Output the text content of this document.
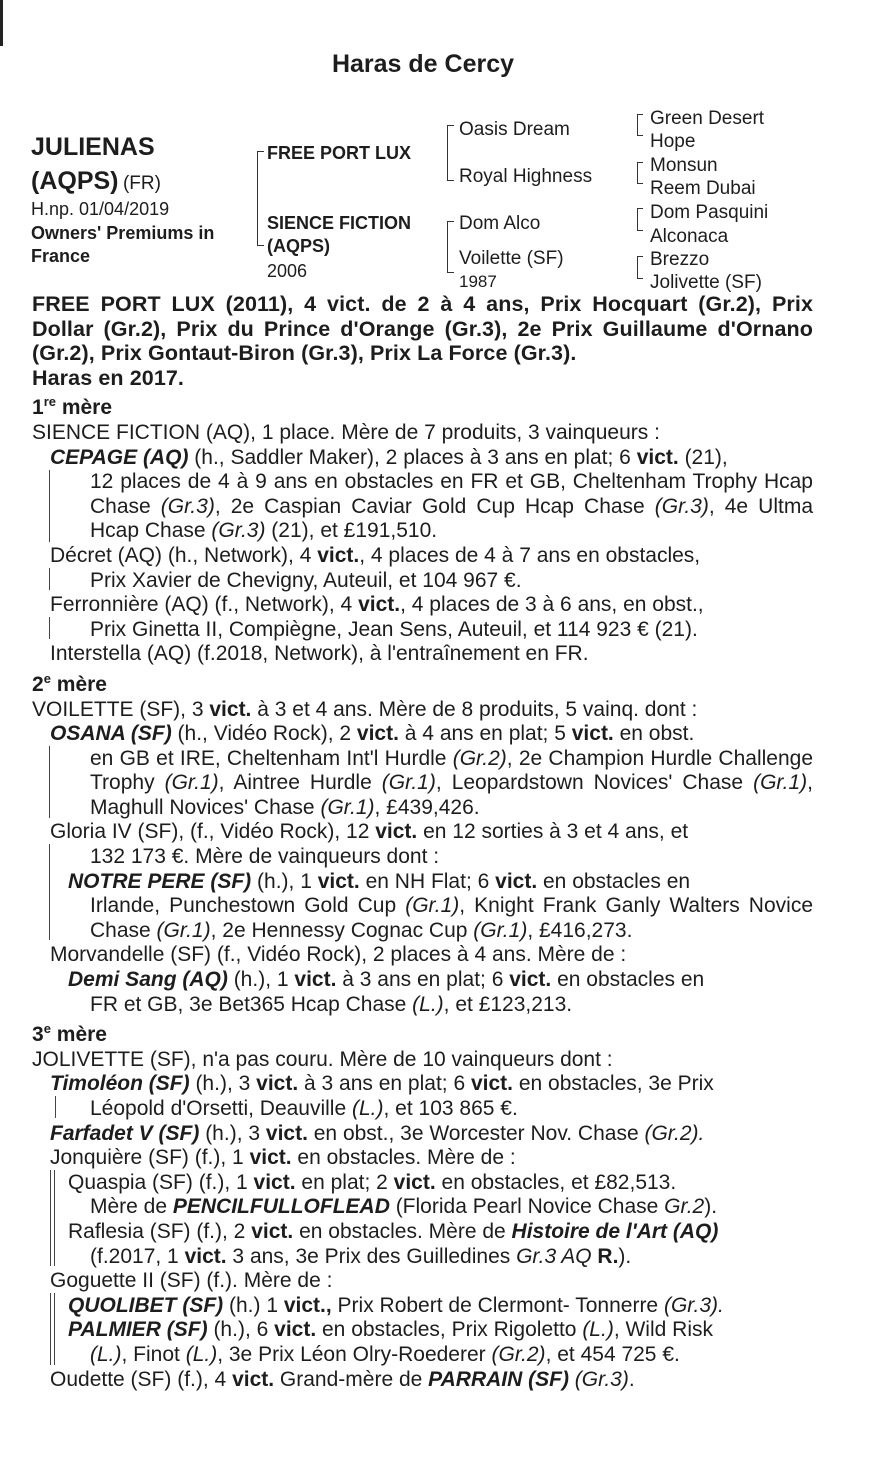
Haras de Cercy
JULIENAS
(AQPS) (FR)
H.np. 01/04/2019
Owners' Premiums in
France
FREE PORT LUX
SIENCE FICTION
(AQPS)
2006
Oasis Dream
Royal Highness
Dom Alco
Voilette (SF)
1987
Green Desert
Hope
Monsun
Reem Dubai
Dom Pasquini
Alconaca
Brezzo
Jolivette (SF)
FREE PORT LUX (2011), 4 vict. de 2 à 4 ans, Prix Hocquart (Gr.2), Prix Dollar (Gr.2), Prix du Prince d'Orange (Gr.3), 2e Prix Guillaume d'Ornano (Gr.2), Prix Gontaut-Biron (Gr.3), Prix La Force (Gr.3).
Haras en 2017.
1re mère
SIENCE FICTION (AQ), 1 place. Mère de 7 produits, 3 vainqueurs :
CEPAGE (AQ) (h., Saddler Maker), 2 places à 3 ans en plat; 6 vict. (21),
12 places de 4 à 9 ans en obstacles en FR et GB, Cheltenham Trophy Hcap Chase (Gr.3), 2e Caspian Caviar Gold Cup Hcap Chase (Gr.3), 4e Ultma Hcap Chase (Gr.3) (21), et £191,510.
Décret (AQ) (h., Network), 4 vict., 4 places de 4 à 7 ans en obstacles,
Prix Xavier de Chevigny, Auteuil, et 104 967 €.
Ferronnière (AQ) (f., Network), 4 vict., 4 places de 3 à 6 ans, en obst.,
Prix Ginetta II, Compiègne, Jean Sens, Auteuil, et 114 923 € (21).
Interstella (AQ) (f.2018, Network), à l'entraînement en FR.
2e mère
VOILETTE (SF), 3 vict. à 3 et 4 ans. Mère de 8 produits, 5 vainq. dont :
OSANA (SF) (h., Vidéo Rock), 2 vict. à 4 ans en plat; 5 vict. en obst.
en GB et IRE, Cheltenham Int'l Hurdle (Gr.2), 2e Champion Hurdle Challenge Trophy (Gr.1), Aintree Hurdle (Gr.1), Leopardstown Novices' Chase (Gr.1), Maghull Novices' Chase (Gr.1), £439,426.
Gloria IV (SF), (f., Vidéo Rock), 12 vict. en 12 sorties à 3 et 4 ans, et
132 173 €. Mère de vainqueurs dont :
NOTRE PERE (SF) (h.), 1 vict. en NH Flat; 6 vict. en obstacles en
Irlande, Punchestown Gold Cup (Gr.1), Knight Frank Ganly Walters Novice Chase (Gr.1), 2e Hennessy Cognac Cup (Gr.1), £416,273.
Morvandelle (SF) (f., Vidéo Rock), 2 places à 4 ans. Mère de :
Demi Sang (AQ) (h.), 1 vict. à 3 ans en plat; 6 vict. en obstacles en
FR et GB, 3e Bet365 Hcap Chase (L.), et £123,213.
3e mère
JOLIVETTE (SF), n'a pas couru. Mère de 10 vainqueurs dont :
Timoléon (SF) (h.), 3 vict. à 3 ans en plat; 6 vict. en obstacles, 3e Prix
Léopold d'Orsetti, Deauville (L.), et 103 865 €.
Farfadet V (SF) (h.), 3 vict. en obst., 3e Worcester Nov. Chase (Gr.2).
Jonquière (SF) (f.), 1 vict. en obstacles. Mère de :
Quaspia (SF) (f.), 1 vict. en plat; 2 vict. en obstacles, et £82,513.
Mère de PENCILFULLOFLEAD (Florida Pearl Novice Chase Gr.2).
Raflesia (SF) (f.), 2 vict. en obstacles. Mère de Histoire de l'Art (AQ)
(f.2017, 1 vict. 3 ans, 3e Prix des Guilledines Gr.3 AQ R.).
Goguette II (SF) (f.). Mère de :
QUOLIBET (SF) (h.) 1 vict., Prix Robert de Clermont- Tonnerre (Gr.3).
PALMIER (SF) (h.), 6 vict. en obstacles, Prix Rigoletto (L.), Wild Risk
(L.), Finot (L.), 3e Prix Léon Olry-Roederer (Gr.2), et 454 725 €.
Oudette (SF) (f.), 4 vict. Grand-mère de PARRAIN (SF) (Gr.3).
